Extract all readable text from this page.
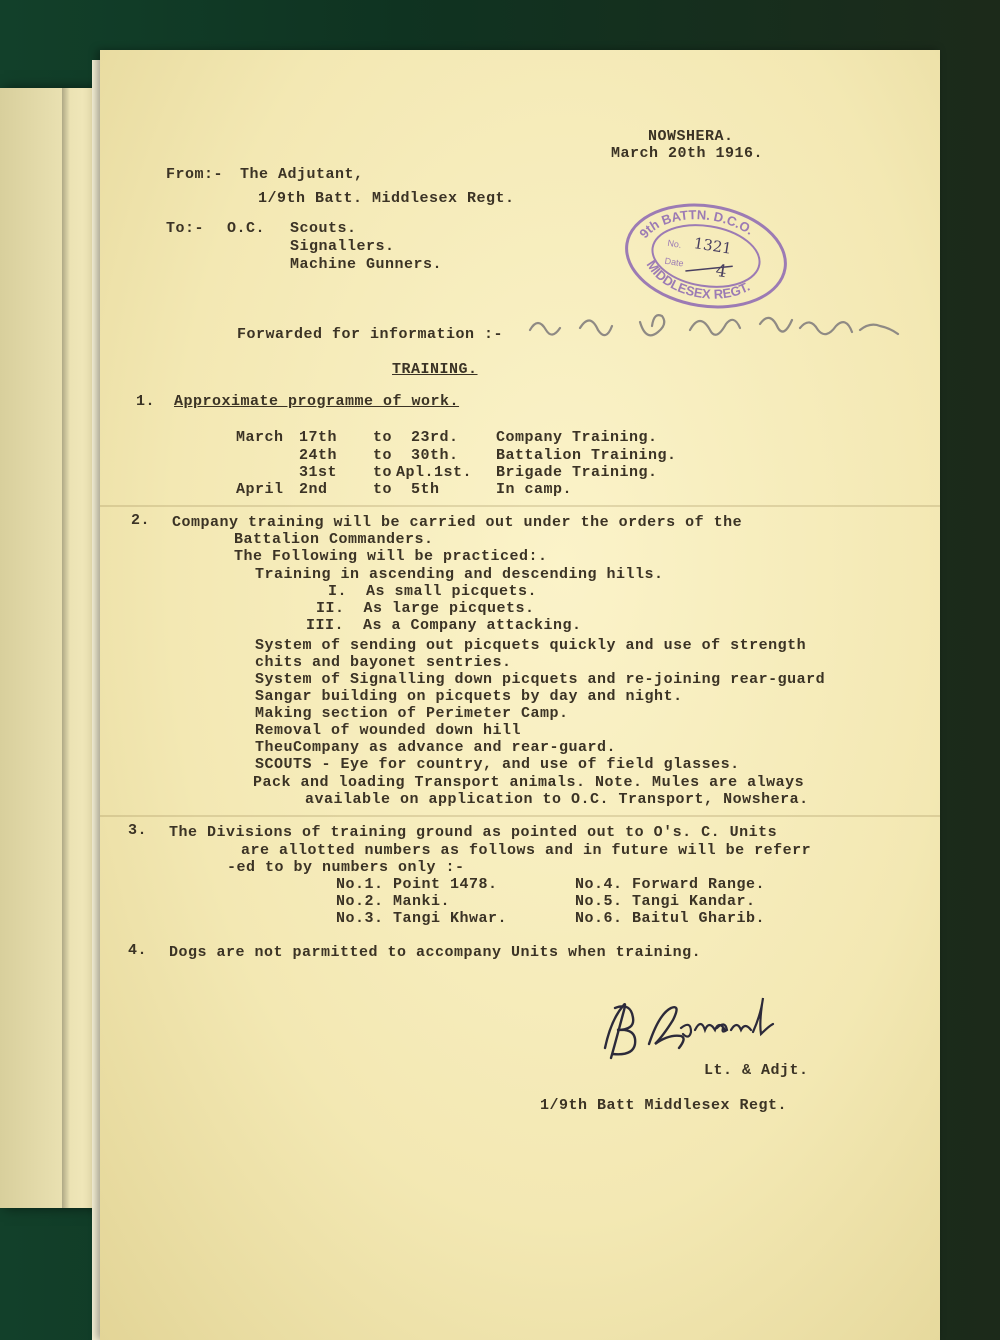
NOWSHERA.
March 20th 1916.
From:- The Adjutant,
1/9th Batt. Middlesex Regt.
To:- O.C. Scouts.
Signallers.
Machine Gunners.
9th BATTN. D.C.O.
MIDDLESEX REGT.
No. 1321
Date 4
Forwarded for information :-
TRAINING.
1. Approximate programme of work.
March 17th to 23rd. Company Training.
24th to 30th. Battalion Training.
31st to Apl.1st. Brigade Training.
April 2nd	to 5th	In camp.
2. Company training will be carried out under the orders of the
Battalion Commanders.
The Following will be practiced:.
Training in ascending and descending hills.
I.  As small picquets.
II.  As large picquets.
III.  As a Company attacking.
System of sending out picquets quickly and use of strength
chits and bayonet sentries.
System of Signalling down picquets and re-joining rear-guard
Sangar building on picquets by day and night.
Making section of Perimeter Camp.
Removal of wounded down hill
TheuCompany as advance and rear-guard.
SCOUTS - Eye for country, and use of field glasses.
Pack and loading Transport animals. Note. Mules are always
available on application to O.C. Transport, Nowshera.
3. The Divisions of training ground as pointed out to O's. C. Units
are allotted numbers as follows and in future will be referr
-ed to by numbers only :-
No.1. Point 1478.	No.4. Forward Range.
No.2. Manki.	No.5. Tangi Kandar.
No.3. Tangi Khwar.	No.6. Baitul Gharib.
4. Dogs are not parmitted to accompany Units when training.
Lt. & Adjt.
1/9th Batt Middlesex Regt.
